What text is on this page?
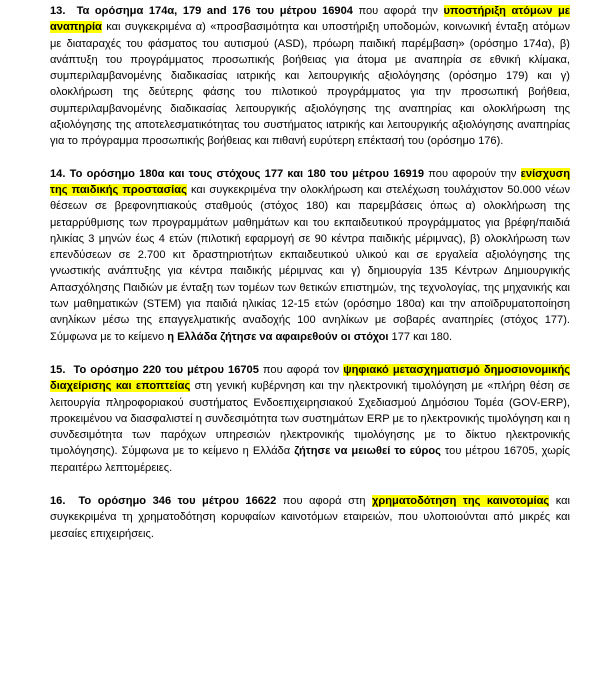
13. Τα ορόσημα 174α, 179 and 176 του μέτρου 16904 που αφορά την υποστήριξη ατόμων με αναπηρία και συγκεκριμένα α) «προσβασιμότητα και υποστήριξη υποδομών, κοινωνική ένταξη ατόμων με διαταραχές του φάσματος του αυτισμού (ASD), πρόωρη παιδική παρέμβαση» (ορόσημο 174α), β) ανάπτυξη του προγράμματος προσωπικής βοήθειας για άτομα με αναπηρία σε εθνική κλίμακα, συμπεριλαμβανομένης διαδικασίας ιατρικής και λειτουργικής αξιολόγησης (ορόσημο 179) και γ) ολοκλήρωση της δεύτερης φάσης του πιλοτικού προγράμματος για την προσωπική βοήθεια, συμπεριλαμβανομένης διαδικασίας λειτουργικής αξιολόγησης της αναπηρίας και ολοκλήρωση της αξιολόγησης της αποτελεσματικότητας του συστήματος ιατρικής και λειτουργικής αξιολόγησης αναπηρίας για το πρόγραμμα προσωπικής βοήθειας και πιθανή ευρύτερη επέκτασή του (ορόσημο 176).

14. Το ορόσημο 180α και τους στόχους 177 και 180 του μέτρου 16919 που αφορούν την ενίσχυση της παιδικής προστασίας και συγκεκριμένα την ολοκλήρωση και στελέχωση τουλάχιστον 50.000 νέων θέσεων σε βρεφονηπιακούς σταθμούς (στόχος 180) και παρεμβάσεις όπως α) ολοκλήρωση της μεταρρύθμισης των προγραμμάτων μαθημάτων και του εκπαιδευτικού προγράμματος για βρέφη/παιδιά ηλικίας 3 μηνών έως 4 ετών (πιλοτική εφαρμογή σε 90 κέντρα παιδικής μέριμνας), β) ολοκλήρωση των επενδύσεων σε 2.700 κιτ δραστηριοτήτων εκπαιδευτικού υλικού και σε εργαλεία αξιολόγησης της γνωστικής ανάπτυξης για κέντρα παιδικής μέριμνας και γ) δημιουργία 135 Κέντρων Δημιουργικής Απασχόλησης Παιδιών με ένταξη των τομέων των θετικών επιστημών, της τεχνολογίας, της μηχανικής και των μαθηματικών (STEM) για παιδιά ηλικίας 12-15 ετών (ορόσημο 180α) και την αποϊδρυματοποίηση ανηλίκων μέσω της επαγγελματικής αναδοχής 100 ανηλίκων με σοβαρές αναπηρίες (στόχος 177). Σύμφωνα με το κείμενο η Ελλάδα ζήτησε να αφαιρεθούν οι στόχοι 177 και 180.

15. Το ορόσημο 220 του μέτρου 16705 που αφορά τον ψηφιακό μετασχηματισμό δημοσιονομικής διαχείρισης και εποπτείας στη γενική κυβέρνηση και την ηλεκτρονική τιμολόγηση με «πλήρη θέση σε λειτουργία πληροφοριακού συστήματος Ενδοεπιχειρησιακού Σχεδιασμού Δημόσιου Τομέα (GOV-ERP), προκειμένου να διασφαλιστεί η συνδεσιμότητα των συστημάτων ERP με το ηλεκτρονικής τιμολόγηση και η συνδεσιμότητα των παρόχων υπηρεσιών ηλεκτρονικής τιμολόγησης με το δίκτυο ηλεκτρονικής τιμολόγησης). Σύμφωνα με το κείμενο η Ελλάδα ζήτησε να μειωθεί το εύρος του μέτρου 16705, χωρίς περαιτέρω λεπτομέρειες.

16. Το ορόσημο 346 του μέτρου 16622 που αφορά στη χρηματοδότηση της καινοτομίας και συγκεκριμένα τη χρηματοδότηση κορυφαίων καινοτόμων εταιρειών, που υλοποιούνται από μικρές και μεσαίες επιχειρήσεις.
